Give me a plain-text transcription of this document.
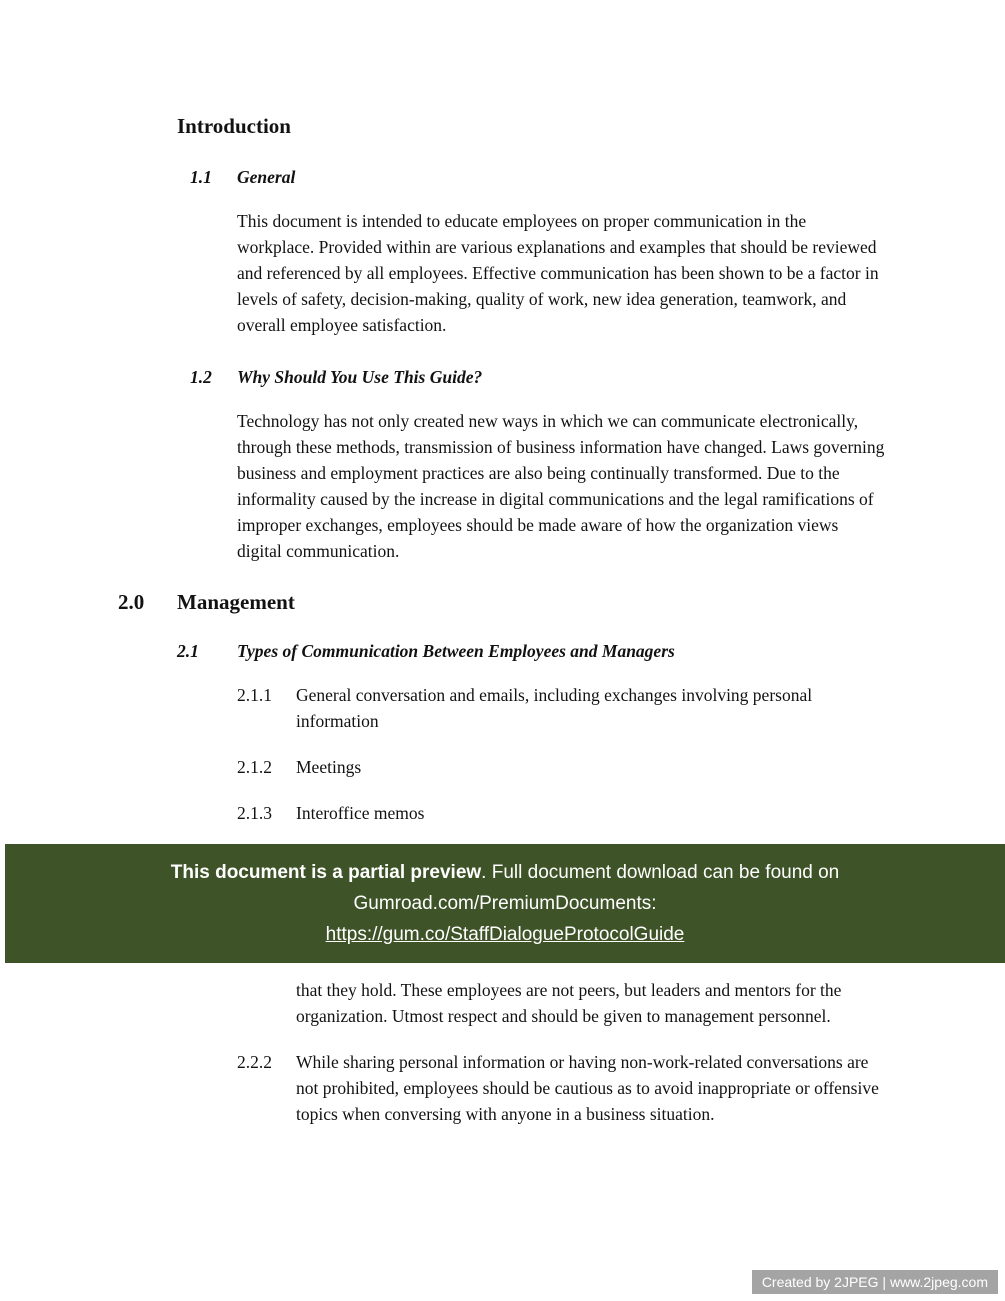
Introduction
1.1	General

This document is intended to educate employees on proper communication in the workplace. Provided within are various explanations and examples that should be reviewed and referenced by all employees. Effective communication has been shown to be a factor in levels of safety, decision-making, quality of work, new idea generation, teamwork, and overall employee satisfaction.

1.2	Why Should You Use This Guide?

Technology has not only created new ways in which we can communicate electronically, through these methods, transmission of business information have changed. Laws governing business and employment practices are also being continually transformed. Due to the informality caused by the increase in digital communications and the legal ramifications of improper exchanges, employees should be made aware of how the organization views digital communication.

2.0	Management
2.1	Types of Communication Between Employees and Managers
2.1.1	General conversation and emails, including exchanges involving personal information
2.1.2	Meetings
2.1.3	Interoffice memos
This document is a partial preview. Full document download can be found on
Gumroad.com/PremiumDocuments:
https://gum.co/StaffDialogueProtocolGuide

that they hold. These employees are not peers, but leaders and mentors for the organization. Utmost respect and should be given to management personnel.

2.2.2	While sharing personal information or having non-work-related conversations are not prohibited, employees should be cautious as to avoid inappropriate or offensive topics when conversing with anyone in a business situation.
Created by 2JPEG | www.2jpeg.com
